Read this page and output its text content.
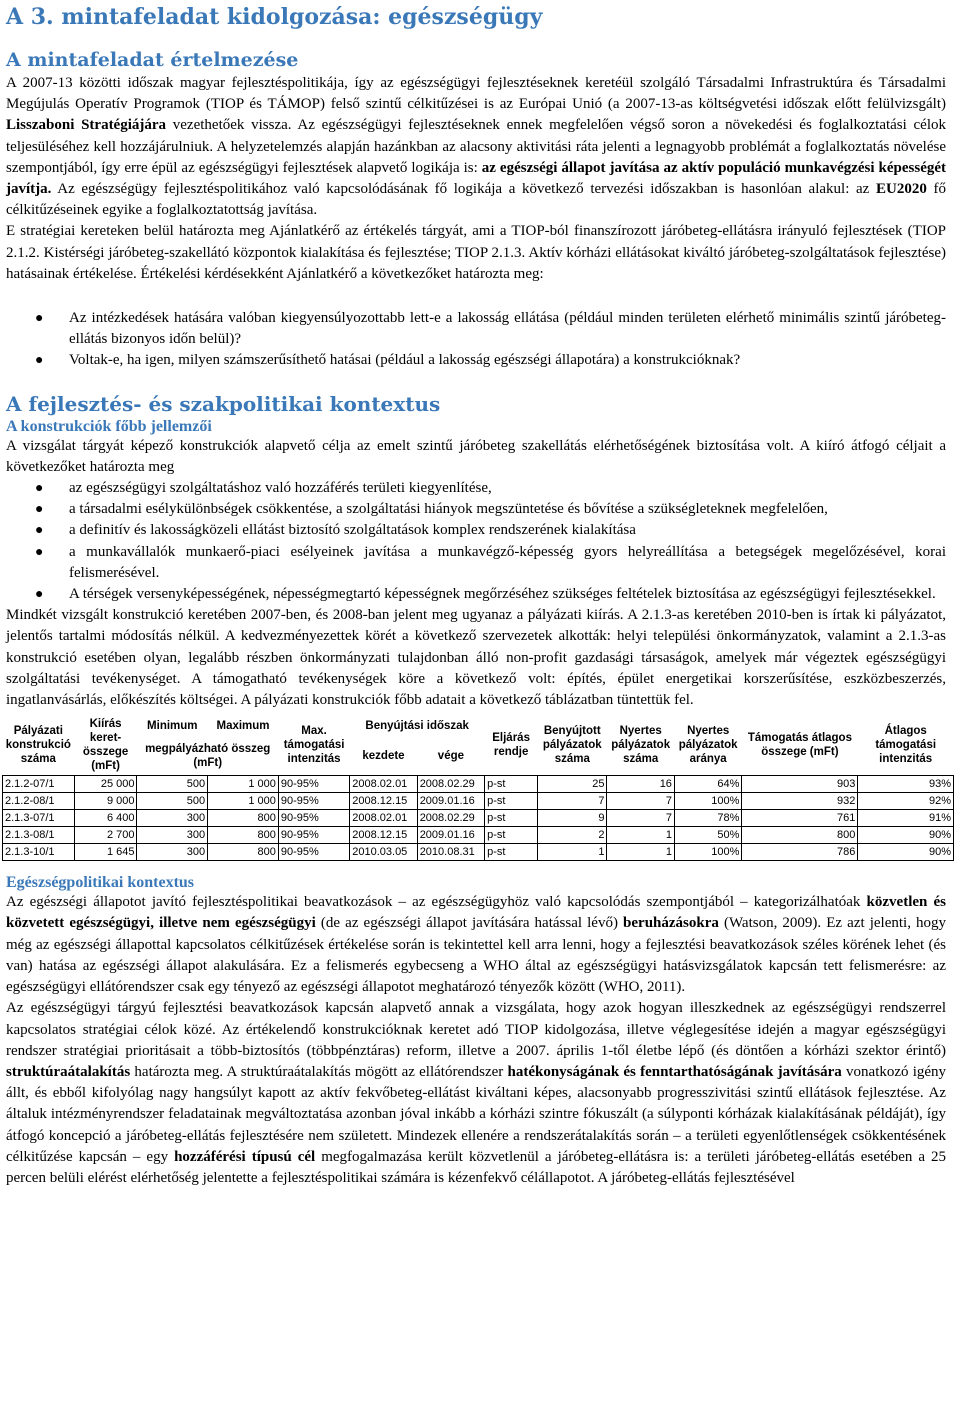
A 3. mintafeladat kidolgozása: egészségügy
A mintafeladat értelmezése

A 2007-13 közötti időszak magyar fejlesztéspolitikája, így az egészségügyi fejlesztéseknek keretéül szolgáló Társadalmi Infrastruktúra és Társadalmi Megújulás Operatív Programok (TIOP és TÁMOP) felső szintű célkitűzései is az Európai Unió (a 2007-13-as költségvetési időszak előtt felülvizsgált) Lisszaboni Stratégiájára vezethetőek vissza. Az egészségügyi fejlesztéseknek ennek megfelelően végső soron a növekedési és foglalkoztatási célok teljesüléséhez kell hozzájárulniuk. A helyzetelemzés alapján hazánkban az alacsony aktivitási ráta jelenti a legnagyobb problémát a foglalkoztatás növelése szempontjából, így erre épül az egészségügyi fejlesztések alapvető logikája is: az egészségi állapot javítása az aktív populáció munkavégzési képességét javítja. Az egészségügy fejlesztéspolitikához való kapcsolódásának fő logikája a következő tervezési időszakban is hasonlóan alakul: az EU2020 fő célkitűzéseinek egyike a foglalkoztatottság javítása.

E stratégiai kereteken belül határozta meg Ajánlatkérő az értékelés tárgyát, ami a TIOP-ból finanszírozott járóbeteg-ellátásra irányuló fejlesztések (TIOP 2.1.2. Kistérségi járóbeteg-szakellátó központok kialakítása és fejlesztése; TIOP 2.1.3. Aktív kórházi ellátásokat kiváltó járóbeteg-szolgáltatások fejlesztése) hatásainak értékelése. Értékelési kérdésekként Ajánlatkérő a következőket határozta meg:

● Az intézkedések hatására valóban kiegyensúlyozottabb lett-e a lakosság ellátása (például minden területen elérhető minimális szintű járóbeteg-ellátás bizonyos időn belül)?
● Voltak-e, ha igen, milyen számszerűsíthető hatásai (például a lakosság egészségi állapotára) a konstrukcióknak?
A fejlesztés- és szakpolitikai kontextus
A konstrukciók főbb jellemzői

A vizsgálat tárgyát képező konstrukciók alapvető célja az emelt szintű járóbeteg szakellátás elérhetőségének biztosítása volt. A kiíró átfogó céljait a következőket határozta meg

● az egészségügyi szolgáltatáshoz való hozzáférés területi kiegyenlítése,
● a társadalmi esélykülönbségek csökkentése, a szolgáltatási hiányok megszüntetése és bővítése a szükségleteknek megfelelően,
● a definitív és lakosságközeli ellátást biztosító szolgáltatások komplex rendszerének kialakítása
● a munkavállalók munkaerő-piaci esélyeinek javítása a munkavégző-képesség gyors helyreállítása a betegségek megelőzésével, korai felismerésével.
● A térségek versenyképességének, népességmegtartó képességnek megőrzéséhez szükséges feltételek biztosítása az egészségügyi fejlesztésekkel.

Mindkét vizsgált konstrukció keretében 2007-ben, és 2008-ban jelent meg ugyanaz a pályázati kiírás. A 2.1.3-as keretében 2010-ben is írtak ki pályázatot, jelentős tartalmi módosítás nélkül. A kedvezményezettek körét a következő szervezetek alkották: helyi települési önkormányzatok, valamint a 2.1.3-as konstrukció esetében olyan, legalább részben önkormányzati tulajdonban álló non-profit gazdasági társaságok, amelyek már végeztek egészségügyi szolgáltatási tevékenységet. A támogatható tevékenységek köre a következő volt: építés, épület energetikai korszerűsítése, eszközbeszerzés, ingatlanvásárlás, előkészítés költségei. A pályázati konstrukciók főbb adatait a következő táblázatban tüntettük fel.

Pályázati konstrukció száma	Kiírás keret-összege (mFt)	Minimum	Maximum	Max. támogatási intenzitás	Benyújtási időszak		Eljárás rendje	Benyújtott pályázatok száma	Nyertes pályázatok száma	Nyertes pályázatok aránya	Támogatás átlagos összege (mFt)	Átlagos támogatási intenzitás
		megpályázható összeg (mFt)			kezdete	vége						
2.1.2-07/1	25 000	500	1 000	90-95%	2008.02.01	2008.02.29	p-st	25	16	64%	903	93%
2.1.2-08/1	9 000	500	1 000	90-95%	2008.12.15	2009.01.16	p-st	7	7	100%	932	92%
2.1.3-07/1	6 400	300	800	90-95%	2008.02.01	2008.02.29	p-st	9	7	78%	761	91%
2.1.3-08/1	2 700	300	800	90-95%	2008.12.15	2009.01.16	p-st	2	1	50%	800	90%
2.1.3-10/1	1 645	300	800	90-95%	2010.03.05	2010.08.31	p-st	1	1	100%	786	90%
Egészségpolitikai kontextus

Az egészségi állapotot javító fejlesztéspolitikai beavatkozások – az egészségügyhöz való kapcsolódás szempontjából – kategorizálhatóak közvetlen és közvetett egészségügyi, illetve nem egészségügyi (de az egészségi állapot javítására hatással lévő) beruházásokra (Watson, 2009). Ez azt jelenti, hogy még az egészségi állapottal kapcsolatos célkitűzések értékelése során is tekintettel kell arra lenni, hogy a fejlesztési beavatkozások széles körének lehet (és van) hatása az egészségi állapot alakulására. Ez a felismerés egybecseng a WHO által az egészségügyi hatásvizsgálatok kapcsán tett felismerésre: az egészségügyi ellátórendszer csak egy tényező az egészségi állapotot meghatározó tényezők között (WHO, 2011).

Az egészségügyi tárgyú fejlesztési beavatkozások kapcsán alapvető annak a vizsgálata, hogy azok hogyan illeszkednek az egészségügyi rendszerrel kapcsolatos stratégiai célok közé. Az értékelendő konstrukcióknak keretet adó TIOP kidolgozása, illetve véglegesítése idején a magyar egészségügyi rendszer stratégiai prioritásait a több-biztosítós (többpénztáras) reform, illetve a 2007. április 1-től életbe lépő (és döntően a kórházi szektor érintő) struktúraátalakítás határozta meg. A struktúraátalakítás mögött az ellátórendszer hatékonyságának és fenntarthatóságának javítására vonatkozó igény állt, és ebből kifolyólag nagy hangsúlyt kapott az aktív fekvőbeteg-ellátást kiváltani képes, alacsonyabb progresszivitási szintű ellátások fejlesztése. Az általuk intézményrendszer feladatainak megváltoztatása azonban jóval inkább a kórházi szintre fókuszált (a súlyponti kórházak kialakításának példáját), így átfogó koncepció a járóbeteg-ellátás fejlesztésére nem született. Mindezek ellenére a rendszerátalakítás során – a területi egyenlőtlenségek csökkentésének célkitűzése kapcsán – egy hozzáférési típusú cél megfogalmazása került közvetlenül a járóbeteg-ellátásra is: a területi járóbeteg-ellátás esetében a 25 percen belüli elérést elérhetőség jelentette a fejlesztéspolitikai számára is kézenfekvő célállapotot. A járóbeteg-ellátás fejlesztésével
